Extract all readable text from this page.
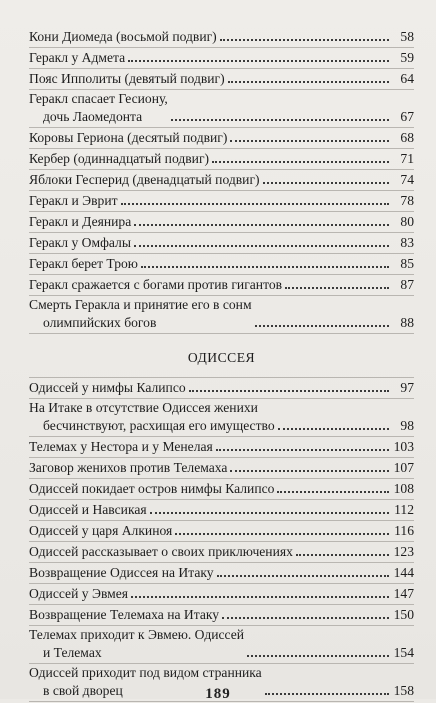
Кони Диомеда (восьмой подвиг)	58
Геракл у Адмета	59
Пояс Ипполиты (девятый подвиг)	64
Геракл спасает Гесиону,
дочь Лаомедонта	67
Коровы Гериона (десятый подвиг)	68
Кербер (одиннадцатый подвиг)	71
Яблоки Гесперид (двенадцатый подвиг)	74
Геракл и Эврит	78
Геракл и Деянира	80
Геракл у Омфалы	83
Геракл берет Трою	85
Геракл сражается с богами против гигантов	87
Смерть Геракла и принятие его в сонм
олимпийских богов	88
ОДИССЕЯ
Одиссей у нимфы Калипсо	97
На Итаке в отсутствие Одиссея женихи
бесчинствуют, расхищая его имущество	98
Телемах у Нестора и у Менелая	103
Заговор женихов против Телемаха	107
Одиссей покидает остров нимфы Калипсо	108
Одиссей и Навсикая	112
Одиссей у царя Алкиноя	116
Одиссей рассказывает о своих приключениях	123
Возвращение Одиссея на Итаку	144
Одиссей у Эвмея	147
Возвращение Телемаха на Итаку	150
Телемах приходит к Эвмею. Одиссей
и Телемах	154
Одиссей приходит под видом странника
в свой дворец	158
189
